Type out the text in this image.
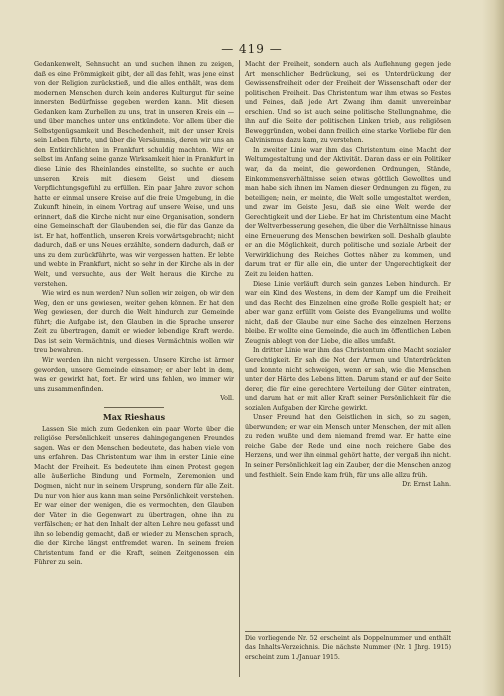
— 419 —

Gedankenwelt, Sehnsucht an und suchen ihnen zu zeigen, daß es eine Frömmigkeit gibt, der all das fehlt, was jene einst von der Religion zurückstieß, und die alles enthält, was dem modernen Menschen durch kein anderes Kulturgut für seine innersten Bedürfnisse gegeben werden kann. Mit diesen Gedanken kam Zurhellen zu uns, trat in unseren Kreis ein — und über manches unter uns entkündete. Vor allem über die Selbstgenügsamkeit und Beschedenheit, mit der unser Kreis sein Leben führte, und über die Versäumnis, deren wir uns an den Entkirchlichten in Frankfurt schuldig machten. Wir er selbst im Anfang seine ganze Wirksamkeit hier in Frankfurt in diese Linie des Rheinlandes einstellte, so suchte er auch unseren Kreis mit diesem Geist und diesem Verpflichtungsgefühl zu erfüllen. Ein paar Jahre zuvor schon hatte er einmal unsere Kreise auf die freie Umgebung, in die Zukunft hinein, in einem Vortrag auf unsere Weise, und uns erinnert, daß die Kirche nicht nur eine Organisation, sondern eine Gemeinschaft der Glaubenden sei, die für das Ganze da ist. Er hat, hoffentlich, unseren Kreis vorwärtsgebracht; nicht dadurch, daß er uns Neues erzählte, sondern dadurch, daß er uns zu dem zurückführte, was wir vergessen hatten. Er lebte und webte in Frankfurt, nicht so sehr in der Kirche als in der Welt, und versuchte, aus der Welt heraus die Kirche zu verstehen.

Wie wird es nun werden? Nun sollen wir zeigen, ob wir den Weg, den er uns gewiesen, weiter gehen können. Er hat den Weg gewiesen, der durch die Welt hindurch zur Gemeinde führt; die Aufgabe ist, den Glauben in die Sprache unserer Zeit zu übertragen, damit er wieder lebendige Kraft werde. Das ist sein Vermächtnis, und dieses Vermächtnis wollen wir treu bewahren.

Wir werden ihn nicht vergessen. Unsere Kirche ist ärmer geworden, unsere Gemeinde einsamer; er aber lebt in dem, was er gewirkt hat, fort. Er wird uns fehlen, wo immer wir uns zusammenfinden.

Voll.
Max Rieshaus

Lassen Sie mich zum Gedenken ein paar Worte über die religiöse Persönlichkeit unseres dahingegangenen Freundes sagen. Was er den Menschen bedeutete, das haben viele von uns erfahren. Das Christentum war ihm in erster Linie eine Macht der Freiheit. Es bedeutete ihm einen Protest gegen alle äußerliche Bindung und Formeln, Zeremonien und Dogmen, nicht nur in seinem Ursprung, sondern für alle Zeit. Du nur von hier aus kann man seine Persönlichkeit verstehen. Er war einer der wenigen, die es vermochten, den Glauben der Väter in die Gegenwart zu übertragen, ohne ihn zu verfälschen; er hat den Inhalt der alten Lehre neu gefasst und ihn so lebendig gemacht, daß er wieder zu Menschen sprach, die der Kirche längst entfremdet waren. In seinem freien Christentum fand er die Kraft, seinen Zeitgenossen ein Führer zu sein.

Macht der Freiheit, sondern auch als Auflehnung gegen jede Art menschlicher Bedrückung, sei es Unterdrückung der Gewissensfreiheit oder der Freiheit der Wissenschaft oder der politischen Freiheit. Das Christentum war ihm etwas so Festes und Feines, daß jede Art Zwang ihm damit unvereinbar erschien. Und so ist auch seine politische Stellungnahme, die ihn auf die Seite der politischen Linken trieb, aus religiösen Beweggründen, wobei dann freilich eine starke Vorliebe für den Calvinismus dazu kam, zu verstehen.

In zweiter Linie war ihm das Christentum eine Macht der Weltumgestaltung und der Aktivität. Daran dass er ein Politiker war, da da meint, die gewordenen Ordnungen, Stände, Einkommensverhältnisse seien etwas göttlich Gewolltes und man habe sich ihnen im Namen dieser Ordnungen zu fügen, zu beteiligen; nein, er meinte, die Welt solle umgestaltet werden, und zwar im Geiste Jesu, daß sie eine Welt werde der Gerechtigkeit und der Liebe. Er hat im Christentum eine Macht der Weltverbesserung gesehen, die über die Verhältnisse hinaus eine Erneuerung des Menschen bewirken soll. Deshalb glaubte er an die Möglichkeit, durch politische und soziale Arbeit der Verwirklichung des Reiches Gottes näher zu kommen, und darum trat er für alle ein, die unter der Ungerechtigkeit der Zeit zu leiden hatten.

Diese Linie verläuft durch sein ganzes Leben hindurch. Er war ein Kind des Westens, in dem der Kampf um die Freiheit und das Recht des Einzelnen eine große Rolle gespielt hat; er aber war ganz erfüllt vom Geiste des Evangeliums und wollte nicht, daß der Glaube nur eine Sache des einzelnen Herzens bleibe. Er wollte eine Gemeinde, die auch im öffentlichen Leben Zeugnis ablegt von der Liebe, die alles umfaßt.

In dritter Linie war ihm das Christentum eine Macht sozialer Gerechtigkeit. Er sah die Not der Armen und Unterdrückten und konnte nicht schweigen, wenn er sah, wie die Menschen unter der Härte des Lebens litten. Darum stand er auf der Seite derer, die für eine gerechtere Verteilung der Güter eintraten, und darum hat er mit aller Kraft seiner Persönlichkeit für die sozialen Aufgaben der Kirche gewirkt.

Unser Freund hat den Geistlichen in sich, so zu sagen, überwunden; er war ein Mensch unter Menschen, der mit allen zu reden wußte und dem niemand fremd war. Er hatte eine reiche Gabe der Rede und eine noch reichere Gabe des Herzens, und wer ihn einmal gehört hatte, der vergaß ihn nicht. In seiner Persönlichkeit lag ein Zauber, der die Menschen anzog und festhielt. Sein Ende kam früh, für uns alle allzu früh.

Dr. Ernst Lahn.
Die vorliegende Nr. 52 erscheint als Doppelnummer und enthält das Inhalts-Verzeichnis. Die nächste Nummer (Nr. 1 Jhrg. 1915) erscheint zum 1./Januar 1915.
